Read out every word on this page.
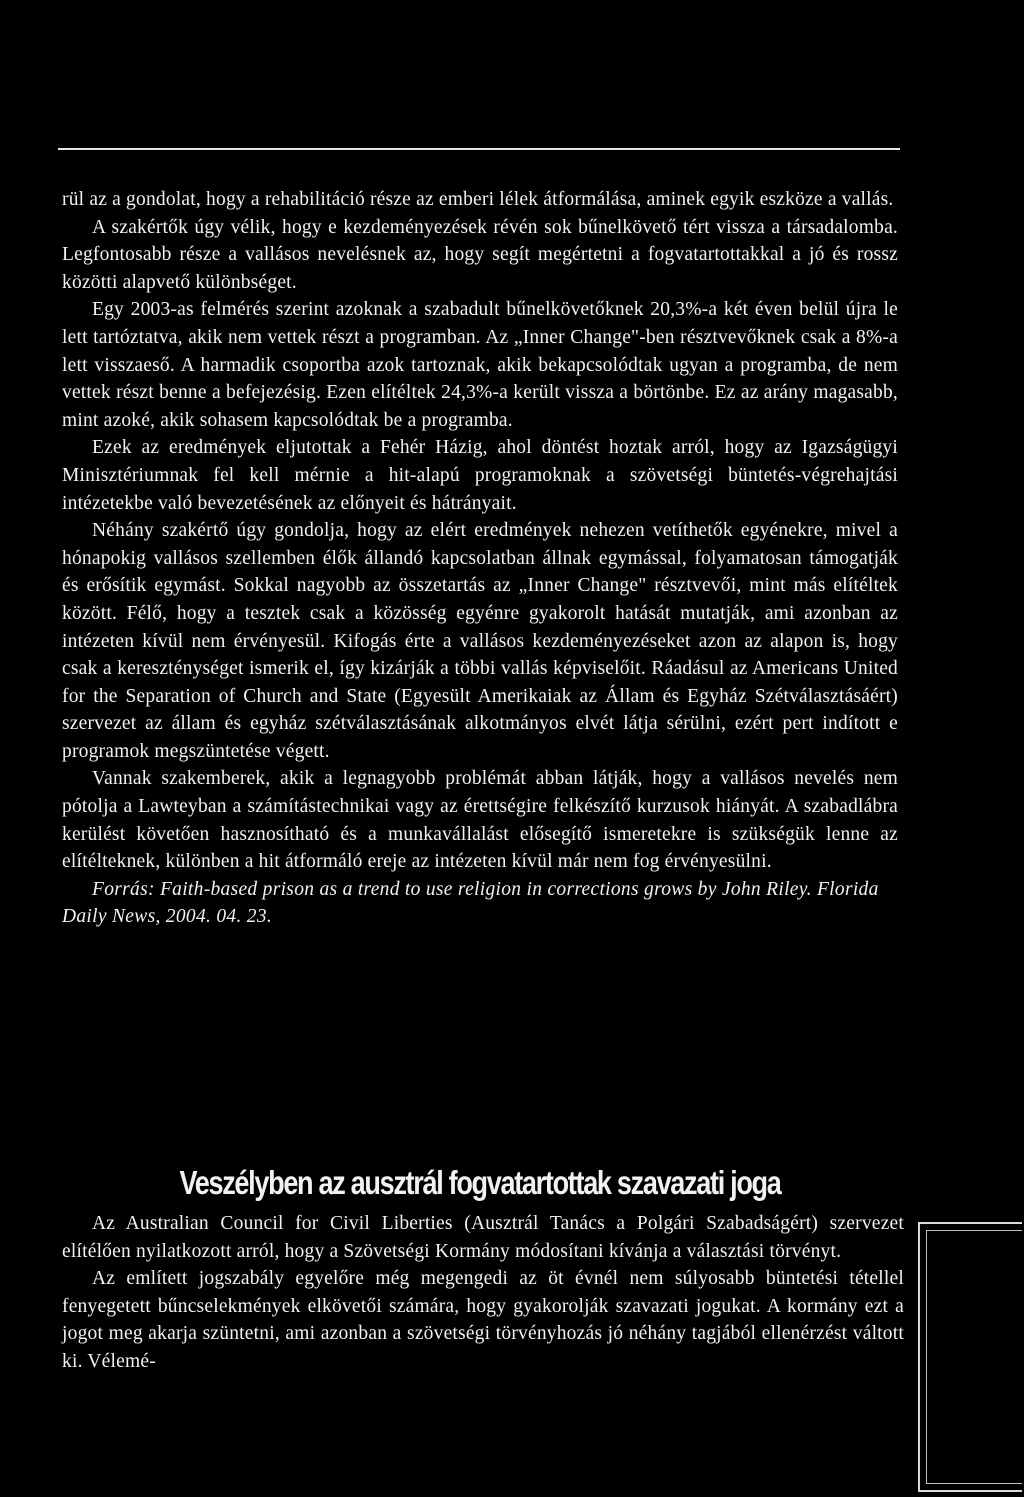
rül az a gondolat, hogy a rehabilitáció része az emberi lélek átformálása, aminek egyik eszköze a vallás.

A szakértők úgy vélik, hogy e kezdeményezések révén sok bűnelkövető tért vissza a társadalomba. Legfontosabb része a vallásos nevelésnek az, hogy segít megértetni a fogvatartottakkal a jó és rossz közötti alapvető különbséget.

Egy 2003-as felmérés szerint azoknak a szabadult bűnelkövetőknek 20,3%-a két éven belül újra le lett tartóztatva, akik nem vettek részt a programban. Az „Inner Change"-ben résztvevőknek csak a 8%-a lett visszaeső. A harmadik csoportba azok tartoznak, akik bekapcsolódtak ugyan a programba, de nem vettek részt benne a befejezésig. Ezen elítéltek 24,3%-a került vissza a börtönbe. Ez az arány magasabb, mint azoké, akik sohasem kapcsolódtak be a programba.

Ezek az eredmények eljutottak a Fehér Házig, ahol döntést hoztak arról, hogy az Igazságügyi Minisztériumnak fel kell mérnie a hit-alapú programoknak a szövetségi büntetés-végrehajtási intézetekbe való bevezetésének az előnyeit és hátrányait.

Néhány szakértő úgy gondolja, hogy az elért eredmények nehezen vetíthetők egyénekre, mivel a hónapokig vallásos szellemben élők állandó kapcsolatban állnak egymással, folyamatosan támogatják és erősítik egymást. Sokkal nagyobb az összetartás az „Inner Change" résztvevői, mint más elítéltek között. Félő, hogy a tesztek csak a közösség egyénre gyakorolt hatását mutatják, ami azonban az intézeten kívül nem érvényesül. Kifogás érte a vallásos kezdeményezéseket azon az alapon is, hogy csak a kereszténységet ismerik el, így kizárják a többi vallás képviselőit. Ráadásul az Americans United for the Separation of Church and State (Egyesült Amerikaiak az Állam és Egyház Szétválasztásáért) szervezet az állam és egyház szétválasztásának alkotmányos elvét látja sérülni, ezért pert indított e programok megszüntetése végett.

Vannak szakemberek, akik a legnagyobb problémát abban látják, hogy a vallásos nevelés nem pótolja a Lawteyban a számítástechnikai vagy az érettségire felkészítő kurzusok hiányát. A szabadlábra kerülést követően hasznosítható és a munkavállalást elősegítő ismeretekre is szükségük lenne az elítélteknek, különben a hit átformáló ereje az intézeten kívül már nem fog érvényesülni.

Forrás: Faith-based prison as a trend to use religion in corrections grows by John Riley. Florida Daily News, 2004. 04. 23.

Veszélyben az ausztrál fogvatartottak szavazati joga

Az Australian Council for Civil Liberties (Ausztrál Tanács a Polgári Szabadságért) szervezet elítélően nyilatkozott arról, hogy a Szövetségi Kormány módosítani kívánja a választási törvényt.

Az említett jogszabály egyelőre még megengedi az öt évnél nem súlyosabb büntetési tétellel fenyegetett bűncselekmények elkövetői számára, hogy gyakorolják szavazati jogukat. A kormány ezt a jogot meg akarja szüntetni, ami azonban a szövetségi törvényhozás jó néhány tagjából ellenérzést váltott ki. Vélemé-
